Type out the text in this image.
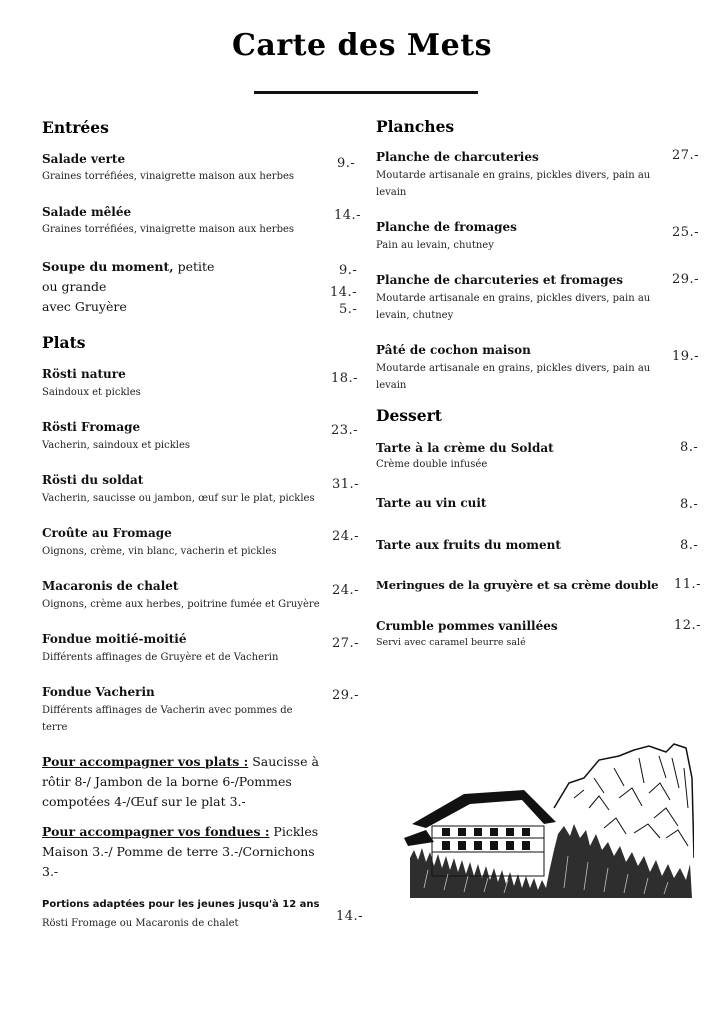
Carte des Mets
Entrées
Salade verte
Graines torréfiées, vinaigrette maison aux herbes
9.-
Salade mêlée
Graines torréfiées, vinaigrette maison aux herbes
14.-
Soupe du moment, petite
ou grande
avec Gruyère
9.-
14.-
5.-
Plats
Rösti nature
Saindoux et pickles
18.-
Rösti Fromage
Vacherin, saindoux et pickles
23.-
Rösti du soldat
Vacherin, saucisse ou jambon, œuf sur le plat, pickles
31.-
Croûte au Fromage
Oignons, crème, vin blanc, vacherin et pickles
24.-
Macaronis de chalet
Oignons, crème aux herbes, poitrine fumée et Gruyère
24.-
Fondue moitié-moitié
Différents affinages de Gruyère et de Vacherin
27.-
Fondue Vacherin
Différents affinages de Vacherin avec pommes de terre
29.-
Pour accompagner vos plats : Saucisse à rôtir 8-/ Jambon de la borne 6-/Pommes compotées 4-/Œuf sur le plat 3.-
Pour accompagner vos fondues : Pickles Maison 3.-/ Pomme de terre 3.-/Cornichons 3.-
Portions adaptées pour les jeunes jusqu'à 12 ans
Rösti Fromage ou Macaronis de chalet	14.-
Planches
Planche de charcuteries
Moutarde artisanale en grains, pickles divers, pain au levain
27.-
Planche de fromages
Pain au levain, chutney
25.-
Planche de charcuteries et fromages
Moutarde artisanale en grains, pickles divers, pain au levain, chutney
29.-
Pâté de cochon maison
Moutarde artisanale en grains, pickles divers, pain au levain
19.-
Dessert
Tarte à la crème du Soldat
Crème double infusée
8.-
Tarte au vin cuit	8.-
Tarte aux fruits du moment	8.-
Meringues de la gruyère et sa crème double	11.-
Crumble pommes vanillées
Servi avec caramel beurre salé
12.-
